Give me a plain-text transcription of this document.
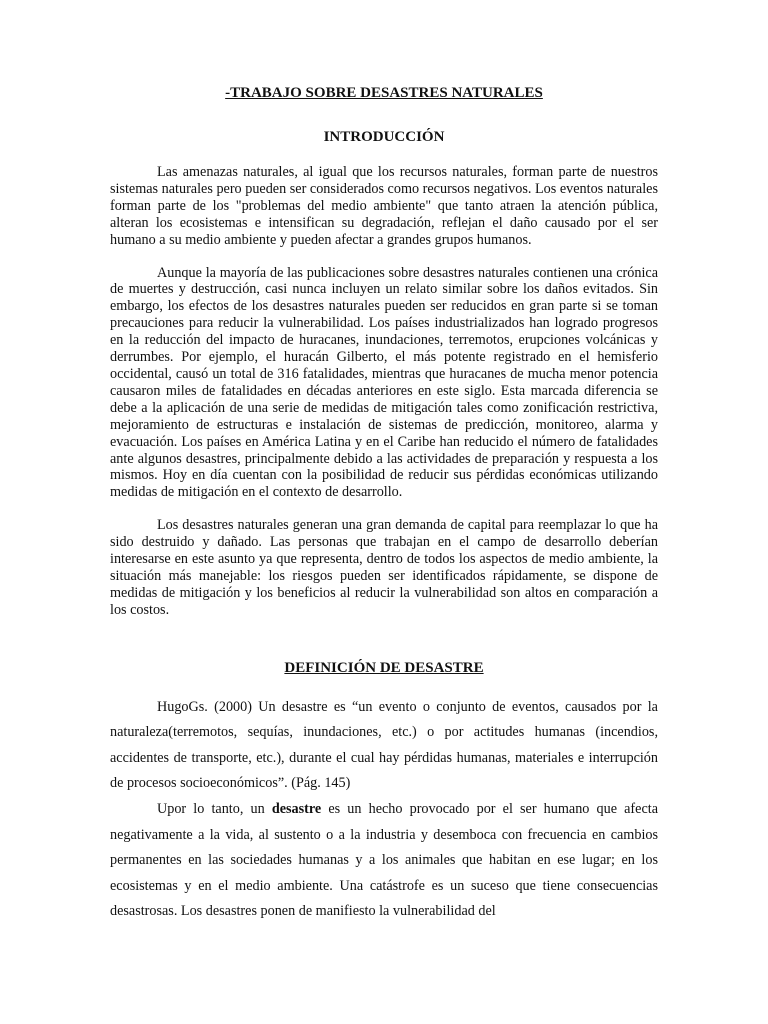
-TRABAJO SOBRE DESASTRES NATURALES
INTRODUCCIÓN

Las amenazas naturales, al igual que los recursos naturales, forman parte de nuestros sistemas naturales pero pueden ser considerados como recursos negativos. Los eventos naturales forman parte de los "problemas del medio ambiente" que tanto atraen la atención pública, alteran los ecosistemas e intensifican su degradación, reflejan el daño causado por el ser humano a su medio ambiente y pueden afectar a grandes grupos humanos.

Aunque la mayoría de las publicaciones sobre desastres naturales contienen una crónica de muertes y destrucción, casi nunca incluyen un relato similar sobre los daños evitados. Sin embargo, los efectos de los desastres naturales pueden ser reducidos en gran parte si se toman precauciones para reducir la vulnerabilidad. Los países industrializados han logrado progresos en la reducción del impacto de huracanes, inundaciones, terremotos, erupciones volcánicas y derrumbes. Por ejemplo, el huracán Gilberto, el más potente registrado en el hemisferio occidental, causó un total de 316 fatalidades, mientras que huracanes de mucha menor potencia causaron miles de fatalidades en décadas anteriores en este siglo. Esta marcada diferencia se debe a la aplicación de una serie de medidas de mitigación tales como zonificación restrictiva, mejoramiento de estructuras e instalación de sistemas de predicción, monitoreo, alarma y evacuación. Los países en América Latina y en el Caribe han reducido el número de fatalidades ante algunos desastres, principalmente debido a las actividades de preparación y respuesta a los mismos. Hoy en día cuentan con la posibilidad de reducir sus pérdidas económicas utilizando medidas de mitigación en el contexto de desarrollo.

Los desastres naturales generan una gran demanda de capital para reemplazar lo que ha sido destruido y dañado. Las personas que trabajan en el campo de desarrollo deberían interesarse en este asunto ya que representa, dentro de todos los aspectos de medio ambiente, la situación más manejable: los riesgos pueden ser identificados rápidamente, se dispone de medidas de mitigación y los beneficios al reducir la vulnerabilidad son altos en comparación a los costos.

DEFINICIÓN DE DESASTRE

HugoGs. (2000) Un desastre es “un evento o conjunto de eventos, causados por la naturaleza(terremotos, sequías, inundaciones, etc.) o por actitudes humanas (incendios, accidentes de transporte, etc.), durante el cual hay pérdidas humanas, materiales e interrupción de procesos socioeconómicos”. (Pág. 145)

Upor lo tanto, un desastre es un hecho provocado por el ser humano que afecta negativamente a la vida, al sustento o a la industria y desemboca con frecuencia en cambios permanentes en las sociedades humanas y a los animales que habitan en ese lugar; en los ecosistemas y en el medio ambiente. Una catástrofe es un suceso que tiene consecuencias desastrosas. Los desastres ponen de manifiesto la vulnerabilidad del
